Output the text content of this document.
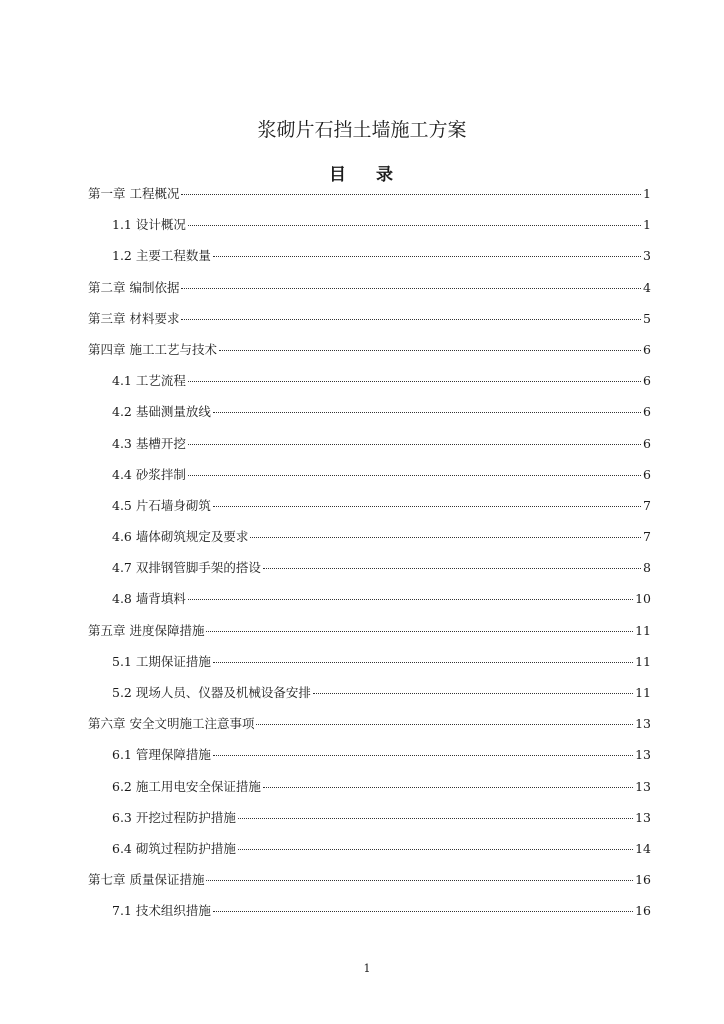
浆砌片石挡土墙施工方案
目 录
第一章 工程概况	1
1.1 设计概况	1
1.2 主要工程数量	3
第二章 编制依据	4
第三章 材料要求	5
第四章 施工工艺与技术	6
4.1 工艺流程	6
4.2 基础测量放线	6
4.3 基槽开挖	6
4.4 砂浆拌制	6
4.5 片石墙身砌筑	7
4.6 墙体砌筑规定及要求	7
4.7 双排钢管脚手架的搭设	8
4.8 墙背填料	10
第五章 进度保障措施	11
5.1 工期保证措施	11
5.2 现场人员、仪器及机械设备安排	11
第六章 安全文明施工注意事项	13
6.1 管理保障措施	13
6.2 施工用电安全保证措施	13
6.3 开挖过程防护措施	13
6.4 砌筑过程防护措施	14
第七章 质量保证措施	16
7.1 技术组织措施	16
1
